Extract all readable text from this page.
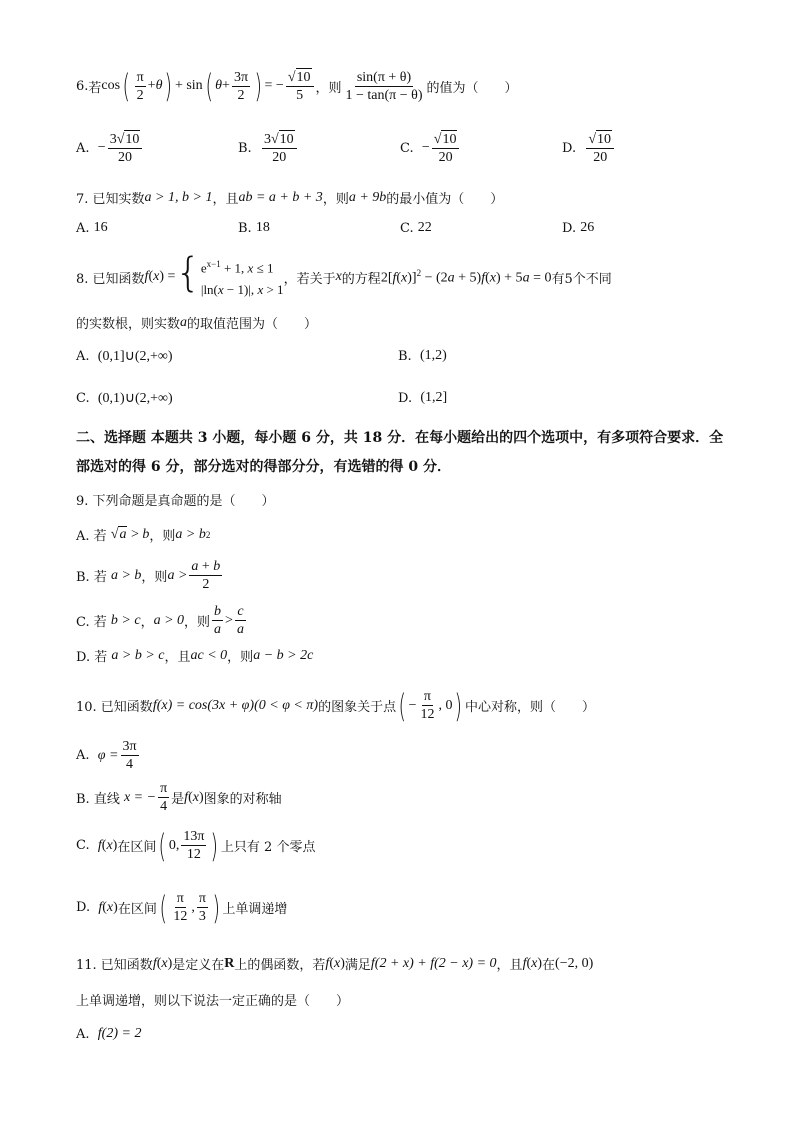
6. 若 cos ( $\frac{\pi}{2} + \theta$ ) + sin ( $\theta + \frac{3\pi}{2}$ ) = − $\frac{√ 10}{5}$ ，则 $\frac{\sin(\pi + \theta)}{1 - \tan(\pi - \theta)}$ 的值为（　　）
A.
− $\frac{3√ 10}{20}$	B.
$\frac{3√ 10}{20}$	C.
− $\frac{√ 10}{20}$	D.
$\frac{√ 10}{20}$
7. 已知实数 a > 1, b > 1 ，且 ab = a + b + 3 ，则 a + 9b 的最小值为（　　）
A.
16	B.
18	C.
22	D.
26
8. 已知函数 f ( x ) = { $e^{x-1} + 1$, x ≤ 1
|ln(x − 1)|, x > 1
，若关于 x 的方程 $2[f(x)]^2 - (2a + 5)f(x) + 5a = 0$ 有5个不同
的实数根，则实数 a 的取值范围为（　　）
A.
(0,1]∪(2,+∞)	B.
(1,2)
C.
(0,1)∪(2,+∞)	D.
(1,2]
二、选择题 本题共 3 小题，每小题 6 分，共 18 分．在每小题给出的四个选项中，有多项符合要求．全部选对的得 6 分，部分选对的得部分分，有选错的得 0 分．
9. 下列命题是真命题的是（　　）
A. 若
√ a > b ，则 a > b 2
B. 若
a > b ，则 $a > \frac{a + b}{2}$
C. 若
b > c ， a > 0 ，则 $\frac{b}{a} > \frac{c}{a}$
D. 若
a > b > c ，且 ac < 0 ，则 a − b > 2c
10. 已知函数 f(x) = cos(3x + φ)(0 < φ < π) 的图象关于点 ( − $\frac{\pi}{12}$ , 0 ) 中心对称，则（　　）
A.
$\varphi = \frac{3\pi}{4}$
B. 直线
x = − $\frac{\pi}{4}$ 是 f ( x ) 图象的对称轴
C.
f ( x ) 在区间 ( 0, $\frac{13\pi}{12}$ ) 上只有 2 个零点
D.
f ( x ) 在区间 ( $\frac{\pi}{12}$ , $\frac{\pi}{3}$ ) 上单调递增
11. 已知函数 f ( x ) 是定义在 R 上的偶函数，若 f ( x ) 满足 f(2 + x) + f(2 − x) = 0 ，且 f ( x ) 在 (−2, 0)
上单调递增，则以下说法一定正确的是（　　）
A.
f(2) = 2
